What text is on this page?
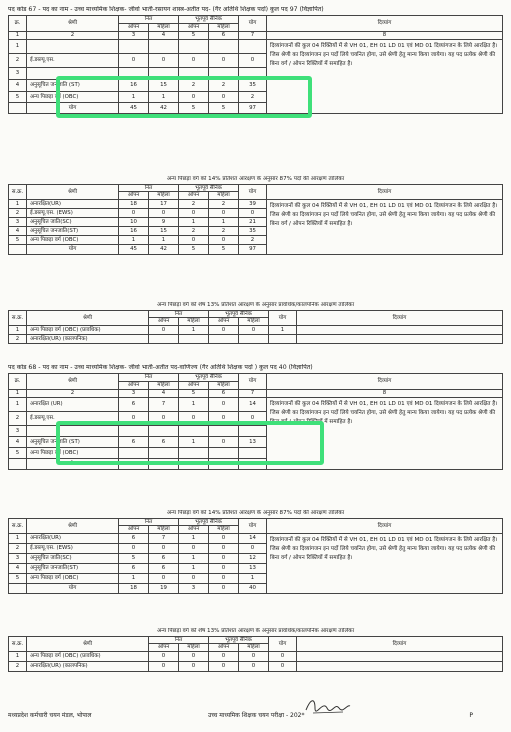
पद कोड 67 - पद का नाम - उच्च माध्यमिक शिक्षक- जीवो भार्ती-रसायन शास्त्र-अतीत पद- (गैर अतिथि शिक्षक पदों) कुल पद 97 (विज्ञापित)
क्र.	श्रेणी	नित		भूतपूर्व सैनिक		योग	दिव्यांग
		ओपन	महिला	ओपन	महिला		
1	2	3	4	5	6	7	8
1							दिव्यांगजनों की कुल 04 रिक्तियों में से VH 01, EH 01 LD 01 एवं MD 01 दिव्यांगजन के लिये आरक्षित है। जिस श्रेणी का दिव्यांगजन इन पदों लिये चयनित होगा, उसे श्रेणी हेतु मान्य किया जायेगा। यह पद प्रत्येक श्रेणी की बिना वर्ग / ओपन रिक्तियों में समाहित है।
2	ई.डब्ल्यू.एस.	0	0	0	0	0	
3							
4	अनुसूचित जनजाति (ST)	16	15	2	2	35	
5	अन्य पिछड़ा वर्ग (OBC)	1	1	0	0	2	
	योग	45	42	5	5	97	
अन्य पिछड़ा वर्ग को 14% प्रतिशत आरक्षण के अनुसार 87% पदों की आरक्षण तालिका
स.क्र.	श्रेणी	नित		भूतपूर्व सैनिक		योग	दिव्यांग
		ओपन	महिला	ओपन	महिला		
1	अनारक्षित(UR)	18	17	2	2	39	दिव्यांगजनों की कुल 04 रिक्तियों में से VH 01, EH 01 LD 01 एवं MD 01 दिव्यांगजन के लिये आरक्षित है। जिस श्रेणी का दिव्यांगजन इन पदों लिये चयनित होगा, उसे श्रेणी हेतु मान्य किया जायेगा। यह पद प्रत्येक श्रेणी की बिना वर्ग / ओपन रिक्तियों में समाहित है।
2	ई.डब्ल्यू.एस. (EWS)	0	0	0	0	0	
3	अनुसूचित जाति(SC)	10	9	1	1	21	
4	अनुसूचित जनजाति(ST)	16	15	2	2	35	
5	अन्य पिछड़ा वर्ग (OBC)	1	1	0	0	2	
	योग	45	42	5	5	97	
अन्य पिछड़ा वर्ग को शेष 13% प्रतिशत आरक्षण के अनुसार प्रावधिक/कालपनिक आरक्षण तालिका
स.क्र.	श्रेणी	नित		भूतपूर्व सैनिक		योग	दिव्यांग
		ओपन	महिला	ओपन	महिला		
1	अन्य पिछड़ा वर्ग (OBC) (प्रावधिक)	0	1	0	0	1	
2	अनारक्षित(UR) (कालपनिक)						
पद कोड 68 - पद का नाम - उच्च माध्यमिक शिक्षक- जीवो भार्ती-अतीत पद-वाणिज्य (गैर अतिथि शिक्षक पदों ) कुल पद 40 (विज्ञापित)
क्र.	श्रेणी	नित		भूतपूर्व सैनिक		योग	दिव्यांग
		ओपन	महिला	ओपन	महिला		
1	2	3	4	5	6	7	8
1	अनारक्षित (UR)	6	7	1	0	14	दिव्यांगजनों की कुल 04 रिक्तियों में से VH 01, EH 01 LD 01 एवं MD 01 दिव्यांगजन के लिये आरक्षित है। जिस श्रेणी का दिव्यांगजन इन पदों लिये चयनित होगा, उसे श्रेणी हेतु मान्य किया जायेगा। यह पद प्रत्येक श्रेणी की बिना वर्ग / ओपन रिक्तियों में समाहित है।
2	ई.डब्ल्यू.एस.	0	0	0	0	0	
3							
4	अनुसूचित जनजाति (ST)	6	6	1	0	13	
5	अन्य पिछड़ा वर्ग (OBC)						
	योग	18	19	3	0	40	
अन्य पिछड़ा वर्ग को 14% प्रतिशत आरक्षण के अनुसार 87% पदों की आरक्षण तालिका
स.क्र.	श्रेणी	नित		भूतपूर्व सैनिक		योग	दिव्यांग
		ओपन	महिला	ओपन	महिला		
1	अनारक्षित(UR)	6	7	1	0	14	दिव्यांगजनों की कुल 04 रिक्तियों में से VH 01, EH 01 LD 01 एवं MD 01 दिव्यांगजन के लिये आरक्षित है। जिस श्रेणी का दिव्यांगजन इन पदों लिये चयनित होगा, उसे श्रेणी हेतु मान्य किया जायेगा। यह पद प्रत्येक श्रेणी की बिना वर्ग / ओपन रिक्तियों में समाहित है।
2	ई.डब्ल्यू.एस. (EWS)	0	0	0	0	0	
3	अनुसूचित जाति(SC)	5	6	1	0	12	
4	अनुसूचित जनजाति(ST)	6	6	1	0	13	
5	अन्य पिछड़ा वर्ग (OBC)	1	0	0	0	1	
	योग	18	19	3	0	40	
अन्य पिछड़ा वर्ग को शेष 13% प्रतिशत आरक्षण के अनुसार प्रावधिक/कालपनिक आरक्षण तालिका
स.क्र.	श्रेणी	नित		भूतपूर्व सैनिक		योग	दिव्यांग
		ओपन	महिला	ओपन	महिला		
1	अन्य पिछड़ा वर्ग (OBC) (प्रावधिक)	0	0	0	0	0	
2	अनारक्षित(UR) (कालपनिक)	0	0	0	0	0	
मध्यप्रदेश कर्मचारी चयन मंडल, भोपाल	उच्च माध्यमिक शिक्षक चयन परीक्षा - 202*	P
